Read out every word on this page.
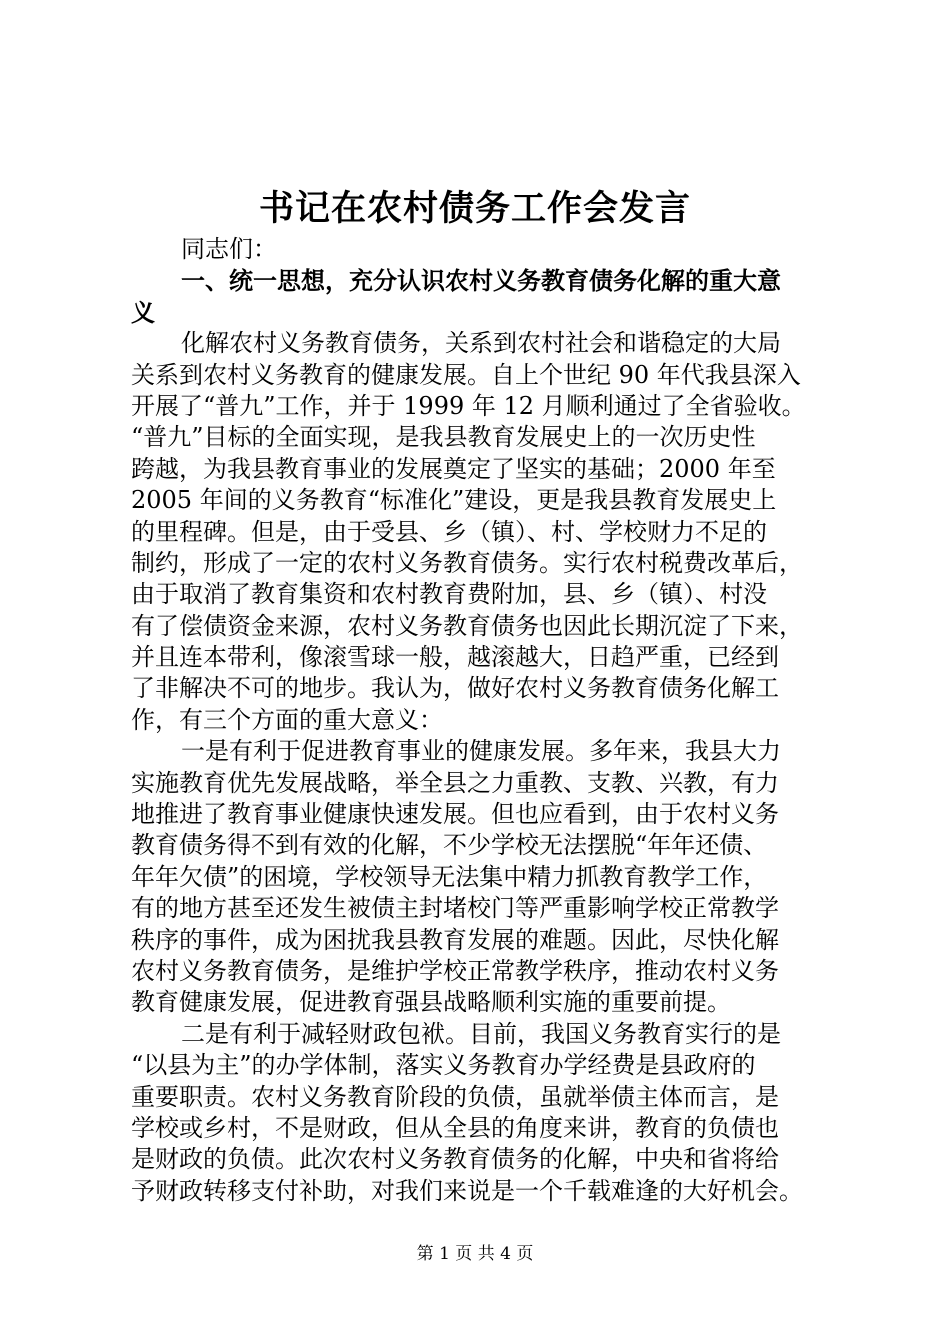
书记在农村债务工作会发言

同志们：

一、统一思想，充分认识农村义务教育债务化解的重大意

义

化解农村义务教育债务，关系到农村社会和谐稳定的大局

关系到农村义务教育的健康发展。自上个世纪 90 年代我县深入

开展了“普九”工作，并于 1999 年 12 月顺利通过了全省验收。

“普九”目标的全面实现，是我县教育发展史上的一次历史性

跨越，为我县教育事业的发展奠定了坚实的基础；2000 年至

2005 年间的义务教育“标准化”建设，更是我县教育发展史上

的里程碑。但是，由于受县、乡（镇）、村、学校财力不足的

制约，形成了一定的农村义务教育债务。实行农村税费改革后，

由于取消了教育集资和农村教育费附加，县、乡（镇）、村没

有了偿债资金来源，农村义务教育债务也因此长期沉淀了下来，

并且连本带利，像滚雪球一般，越滚越大，日趋严重，已经到

了非解决不可的地步。我认为，做好农村义务教育债务化解工

作，有三个方面的重大意义：

一是有利于促进教育事业的健康发展。多年来，我县大力

实施教育优先发展战略，举全县之力重教、支教、兴教，有力

地推进了教育事业健康快速发展。但也应看到，由于农村义务

教育债务得不到有效的化解，不少学校无法摆脱“年年还债、

年年欠债”的困境，学校领导无法集中精力抓教育教学工作，

有的地方甚至还发生被债主封堵校门等严重影响学校正常教学

秩序的事件，成为困扰我县教育发展的难题。因此，尽快化解

农村义务教育债务，是维护学校正常教学秩序，推动农村义务

教育健康发展，促进教育强县战略顺利实施的重要前提。

二是有利于减轻财政包袱。目前，我国义务教育实行的是

“以县为主”的办学体制，落实义务教育办学经费是县政府的

重要职责。农村义务教育阶段的负债，虽就举债主体而言，是

学校或乡村，不是财政，但从全县的角度来讲，教育的负债也

是财政的负债。此次农村义务教育债务的化解，中央和省将给

予财政转移支付补助，对我们来说是一个千载难逢的大好机会。

第 1 页 共 4 页
